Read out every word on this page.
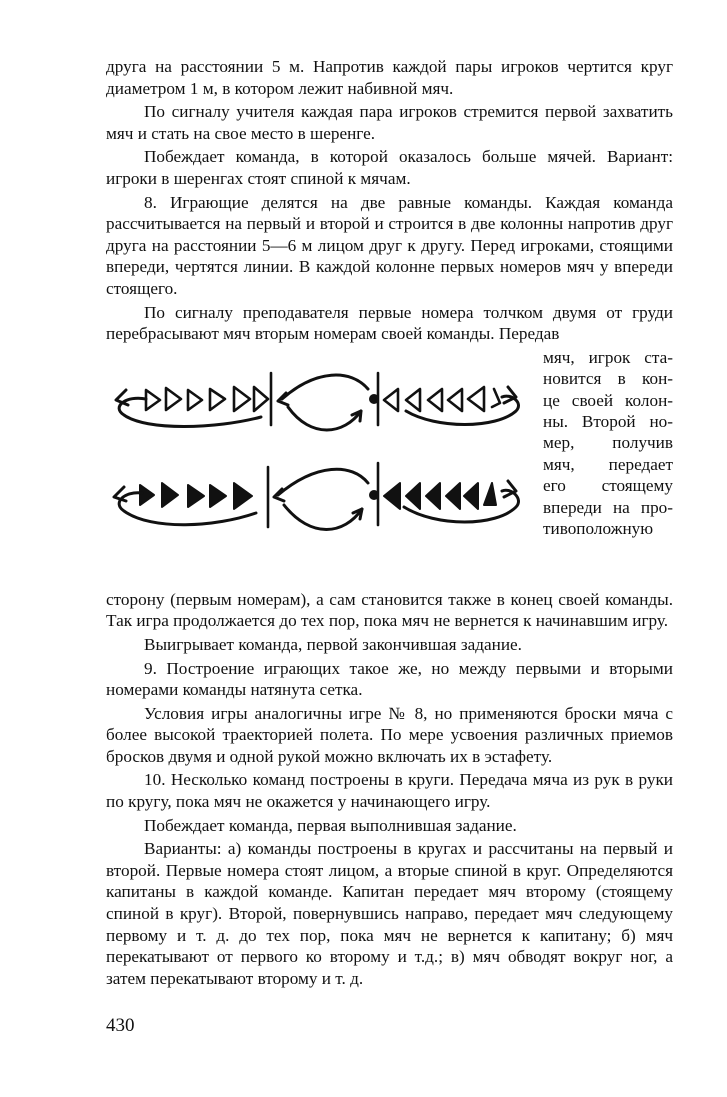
друга на расстоянии 5 м. Напротив каждой пары игроков чертится круг диаметром 1 м, в котором лежит набивной мяч.

По сигналу учителя каждая пара игроков стремится первой захватить мяч и стать на свое место в шеренге.

Побеждает команда, в которой оказалось больше мячей. Вариант: игроки в шеренгах стоят спиной к мячам.

8. Играющие делятся на две равные команды. Каждая команда рассчитывается на первый и второй и строится в две колонны напротив друг друга на расстоянии 5—6 м лицом друг к другу. Перед игроками, стоящими впереди, чертятся линии. В каждой колонне первых номеров мяч у впереди стоящего.

По сигналу преподавателя первые номера толчком двумя от груди перебрасывают мяч вторым номерам своей команды. Передав

мяч, игрок ста-
новится в кон-
це своей колон-
ны. Второй но-
мер, получив
мяч, передает
его стоящему
впереди на про-
тивоположную

сторону (первым номерам), а сам становится также в конец своей команды. Так игра продолжается до тех пор, пока мяч не вернется к начинавшим игру.

Выигрывает команда, первой закончившая задание.

9. Построение играющих такое же, но между первыми и вторыми номерами команды натянута сетка.

Условия игры аналогичны игре № 8, но применяются броски мяча с более высокой траекторией полета. По мере усвоения различных приемов бросков двумя и одной рукой можно включать их в эстафету.

10. Несколько команд построены в круги. Передача мяча из рук в руки по кругу, пока мяч не окажется у начинающего игру.

Побеждает команда, первая выполнившая задание.

Варианты: а) команды построены в кругах и рассчитаны на первый и второй. Первые номера стоят лицом, а вторые спиной в круг. Определяются капитаны в каждой команде. Капитан передает мяч второму (стоящему спиной в круг). Второй, повернувшись направо, передает мяч следующему первому и т. д. до тех пор, пока мяч не вернется к капитану; б) мяч перекатывают от первого ко второму и т.д.; в) мяч обводят вокруг ног, а затем перекатывают второму и т. д.

430
